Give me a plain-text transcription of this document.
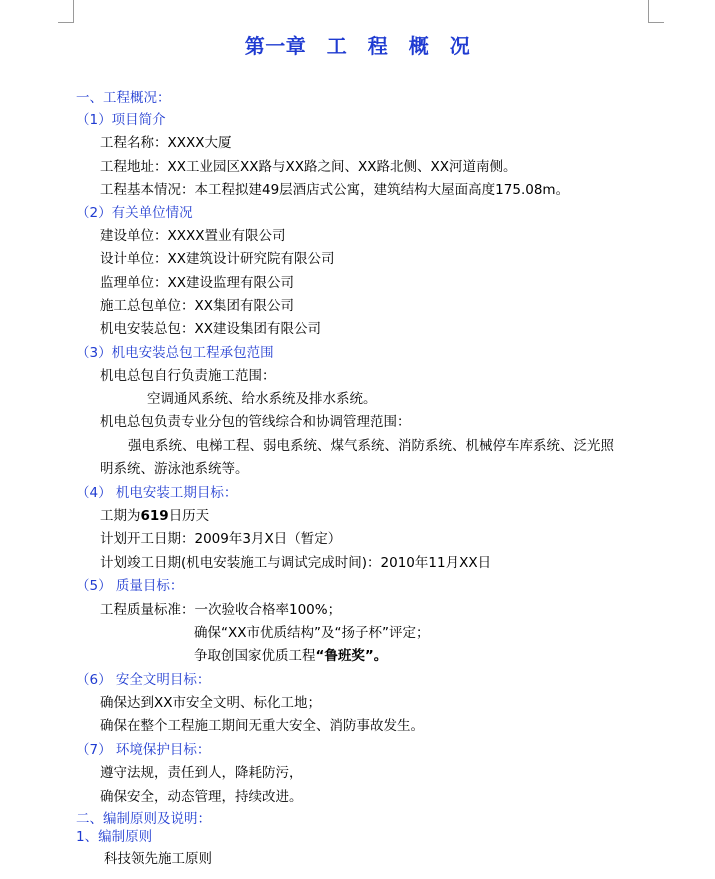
第一章　工　程　概　况
一、工程概况：
（1）项目简介
工程名称：XXXX大厦
工程地址：XX工业园区XX路与XX路之间、XX路北侧、XX河道南侧。
工程基本情况：本工程拟建49层酒店式公寓，建筑结构大屋面高度175.08m。
（2）有关单位情况
建设单位：XXXX置业有限公司
设计单位：XX建筑设计研究院有限公司
监理单位：XX建设监理有限公司
施工总包单位：XX集团有限公司
机电安装总包：XX建设集团有限公司
（3）机电安装总包工程承包范围
机电总包自行负责施工范围：
空调通风系统、给水系统及排水系统。
机电总包负责专业分包的管线综合和协调管理范围：
强电系统、电梯工程、弱电系统、煤气系统、消防系统、机械停车库系统、泛光照
明系统、游泳池系统等。
（4） 机电安装工期目标：
工期为619日历天
计划开工日期：2009年3月X日（暂定）
计划竣工日期(机电安装施工与调试完成时间)：2010年11月XX日
（5） 质量目标：
工程质量标准：一次验收合格率100%；
确保“XX市优质结构”及“扬子杯”评定；
争取创国家优质工程“鲁班奖”。
（6） 安全文明目标：
确保达到XX市安全文明、标化工地；
确保在整个工程施工期间无重大安全、消防事故发生。
（7） 环境保护目标：
遵守法规，责任到人，降耗防污，
确保安全，动态管理，持续改进。
二、编制原则及说明：
1、编制原则
科技领先施工原则
